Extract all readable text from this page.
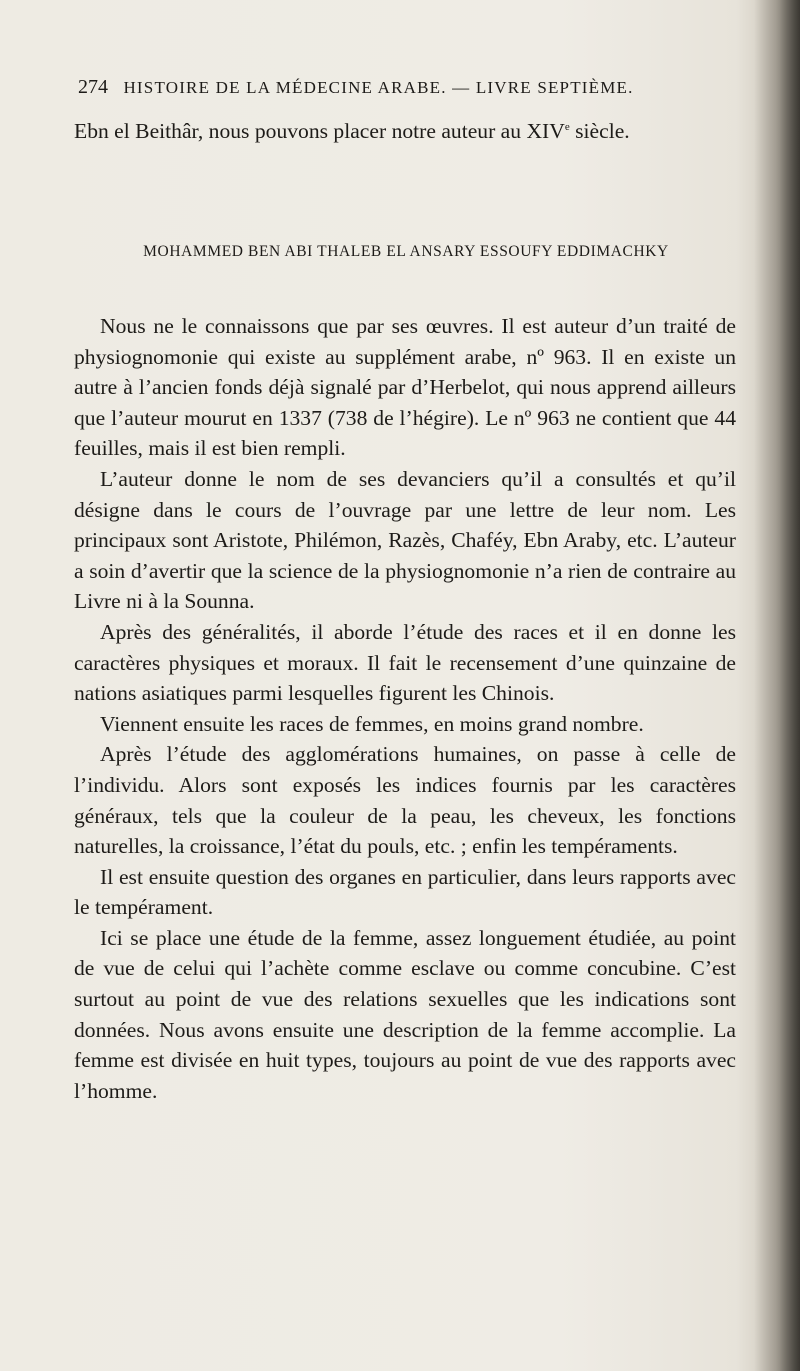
274 HISTOIRE DE LA MÉDECINE ARABE. — LIVRE SEPTIÈME.

Ebn el Beithâr, nous pouvons placer notre auteur au XIVe siècle.

MOHAMMED BEN ABI THALEB EL ANSARY ESSOUFY EDDIMACHKY

Nous ne le connaissons que par ses œuvres. Il est auteur d’un traité de physiognomonie qui existe au supplément arabe, nº 963. Il en existe un autre à l’ancien fonds déjà signalé par d’Herbelot, qui nous apprend ailleurs que l’auteur mourut en 1337 (738 de l’hégire). Le nº 963 ne contient que 44 feuilles, mais il est bien rempli.

L’auteur donne le nom de ses devanciers qu’il a consultés et qu’il désigne dans le cours de l’ouvrage par une lettre de leur nom. Les principaux sont Aristote, Philémon, Razès, Chaféy, Ebn Araby, etc. L’auteur a soin d’avertir que la science de la physiognomonie n’a rien de contraire au Livre ni à la Sounna.

Après des généralités, il aborde l’étude des races et il en donne les caractères physiques et moraux. Il fait le recensement d’une quinzaine de nations asiatiques parmi lesquelles figurent les Chinois.

Viennent ensuite les races de femmes, en moins grand nombre.

Après l’étude des agglomérations humaines, on passe à celle de l’individu. Alors sont exposés les indices fournis par les caractères généraux, tels que la couleur de la peau, les cheveux, les fonctions naturelles, la croissance, l’état du pouls, etc. ; enfin les tempéraments.

Il est ensuite question des organes en particulier, dans leurs rapports avec le tempérament.

Ici se place une étude de la femme, assez longuement étudiée, au point de vue de celui qui l’achète comme esclave ou comme concubine. C’est surtout au point de vue des relations sexuelles que les indications sont données. Nous avons ensuite une description de la femme accomplie. La femme est divisée en huit types, toujours au point de vue des rapports avec l’homme.
